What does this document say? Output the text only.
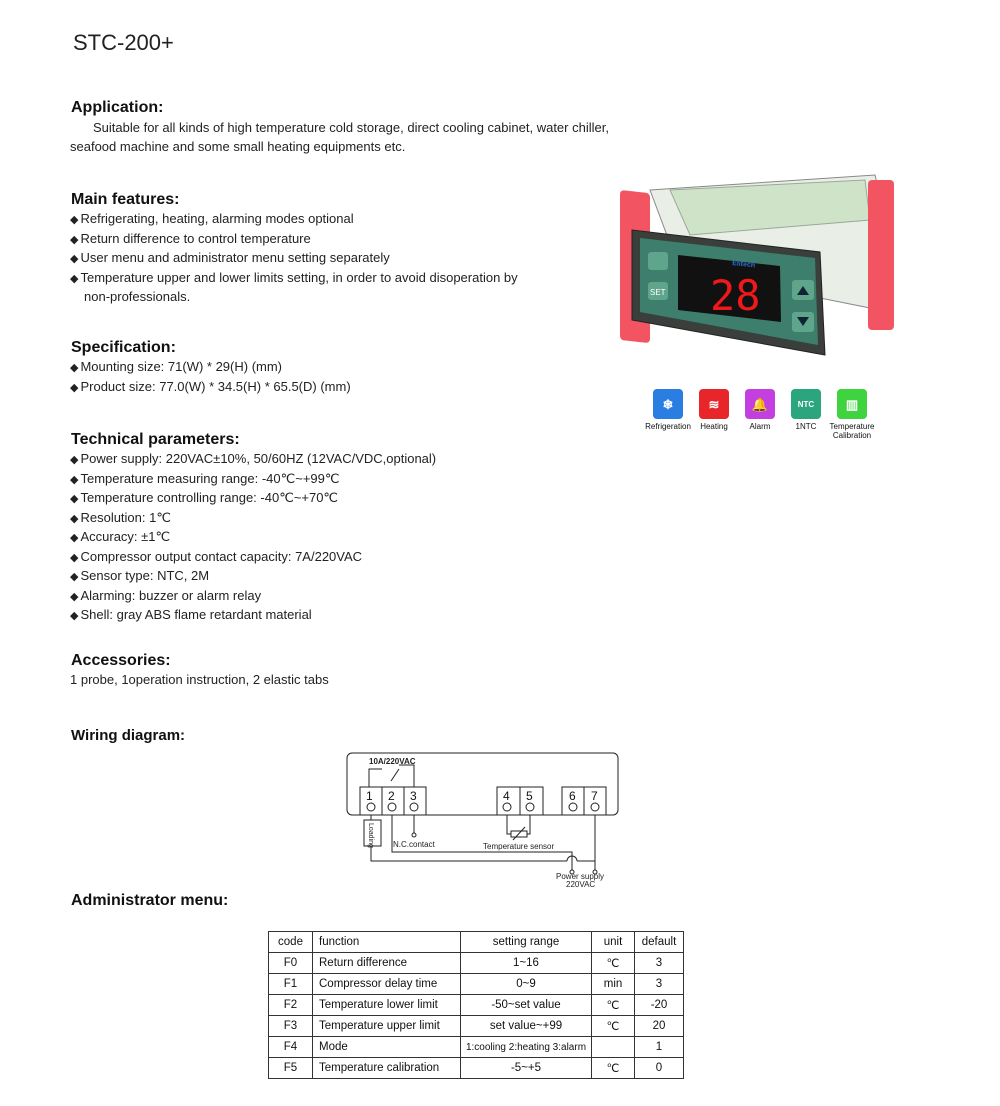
STC-200+
Application:
Suitable for all kinds of high temperature cold storage, direct cooling cabinet, water chiller,
seafood machine and some small heating equipments etc.
Main features:
◆ Refrigerating, heating, alarming modes optional
◆ Return difference to control temperature
◆ User menu and administrator menu setting separately
◆ Temperature upper and lower limits setting, in order to avoid disoperation by
non-professionals.
Specification:
◆ Mounting size: 71(W) * 29(H) (mm)
◆ Product size: 77.0(W) * 34.5(H) * 65.5(D) (mm)
Technical parameters:
◆ Power supply: 220VAC±10%, 50/60HZ (12VAC/VDC,optional)
◆ Temperature measuring range: -40℃~+99℃
◆ Temperature controlling range: -40℃~+70℃
◆ Resolution: 1℃
◆ Accuracy: ±1℃
◆ Compressor output contact capacity: 7A/220VAC
◆ Sensor type: NTC, 2M
◆ Alarming: buzzer or alarm relay
◆ Shell: gray ABS flame retardant material
Accessories:
1 probe, 1operation instruction, 2 elastic tabs
Wiring diagram:
Elitech
28
SET
❄
Refrigeration
≋
Heating
🔔
Alarm
NTC
1NTC
▥
Temperature Calibration
10A/220VAC
1 2 3	4 5	6 7
Loading N.C.contact	Temperature sensor
Power supply
220VAC
Administrator menu:
code	function	setting range	unit	default
F0	Return difference	1~16	℃	3
F1	Compressor delay time	0~9	min	3
F2	Temperature lower limit	-50~set value	℃	-20
F3	Temperature upper limit	set value~+99	℃	20
F4	Mode	1:cooling 2:heating 3:alarm		1
F5	Temperature calibration	-5~+5	℃	0
